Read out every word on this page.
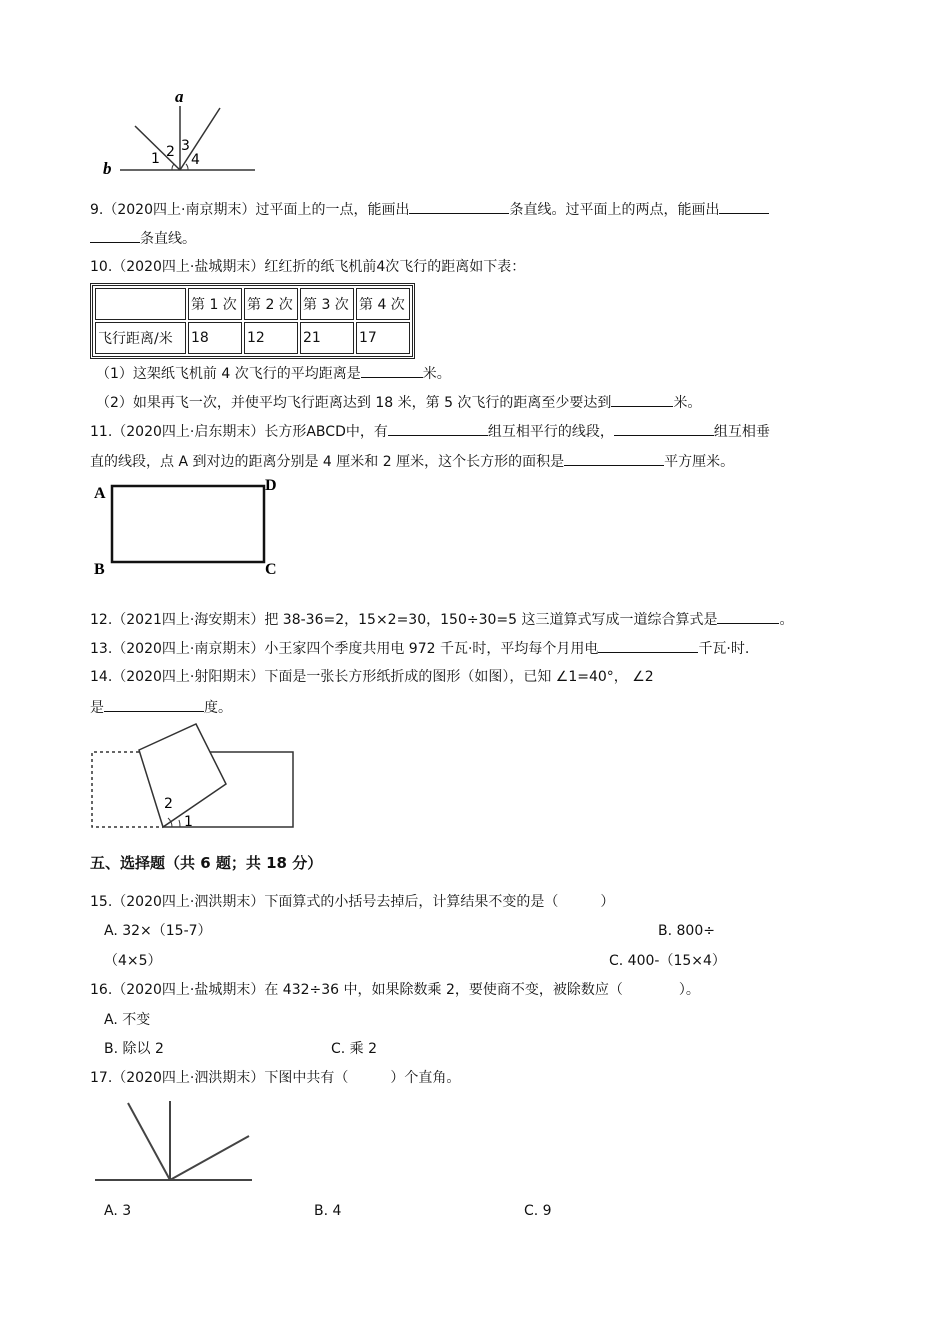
a
b	1 2 3
4
9.（2020四上·南京期末）过平面上的一点，能画出	条直线。过平面上的两点，能画出
条直线。
10.（2020四上·盐城期末）红红折的纸飞机前4次飞行的距离如下表：
	第 1 次	第 2 次	第 3 次	第 4 次
飞行距离/米	18	12	21	17
（1）这架纸飞机前 4 次飞行的平均距离是	米。
（2）如果再飞一次，并使平均飞行距离达到 18 米，第 5 次飞行的距离至少要达到	米。
11.（2020四上·启东期末）长方形ABCD中，有	组互相平行的线段，	组互相垂
直的线段，点 A 到对边的距离分别是 4 厘米和 2 厘米，这个长方形的面积是	平方厘米。
A	D
B	C
12.（2021四上·海安期末）把 38-36=2，15×2=30，150÷30=5 这三道算式写成一道综合算式是	。
13.（2020四上·南京期末）小王家四个季度共用电 972 千瓦·时，平均每个月用电	千瓦·时.
14.（2020四上·射阳期末）下面是一张长方形纸折成的图形（如图），已知 ∠1=40°， ∠2
是	度。
2
1
五、选择题（共 6 题；共 18 分）
15.（2020四上·泗洪期末）下面算式的小括号去掉后，计算结果不变的是（　　　）
A. 32×（15-7）	B. 800÷
（4×5）	C. 400-（15×4）
16.（2020四上·盐城期末）在 432÷36 中，如果除数乘 2，要使商不变，被除数应（　　　　）。
A. 不变
B. 除以 2	C. 乘 2
17.（2020四上·泗洪期末）下图中共有（　　　）个直角。
A. 3	B. 4	C. 9
